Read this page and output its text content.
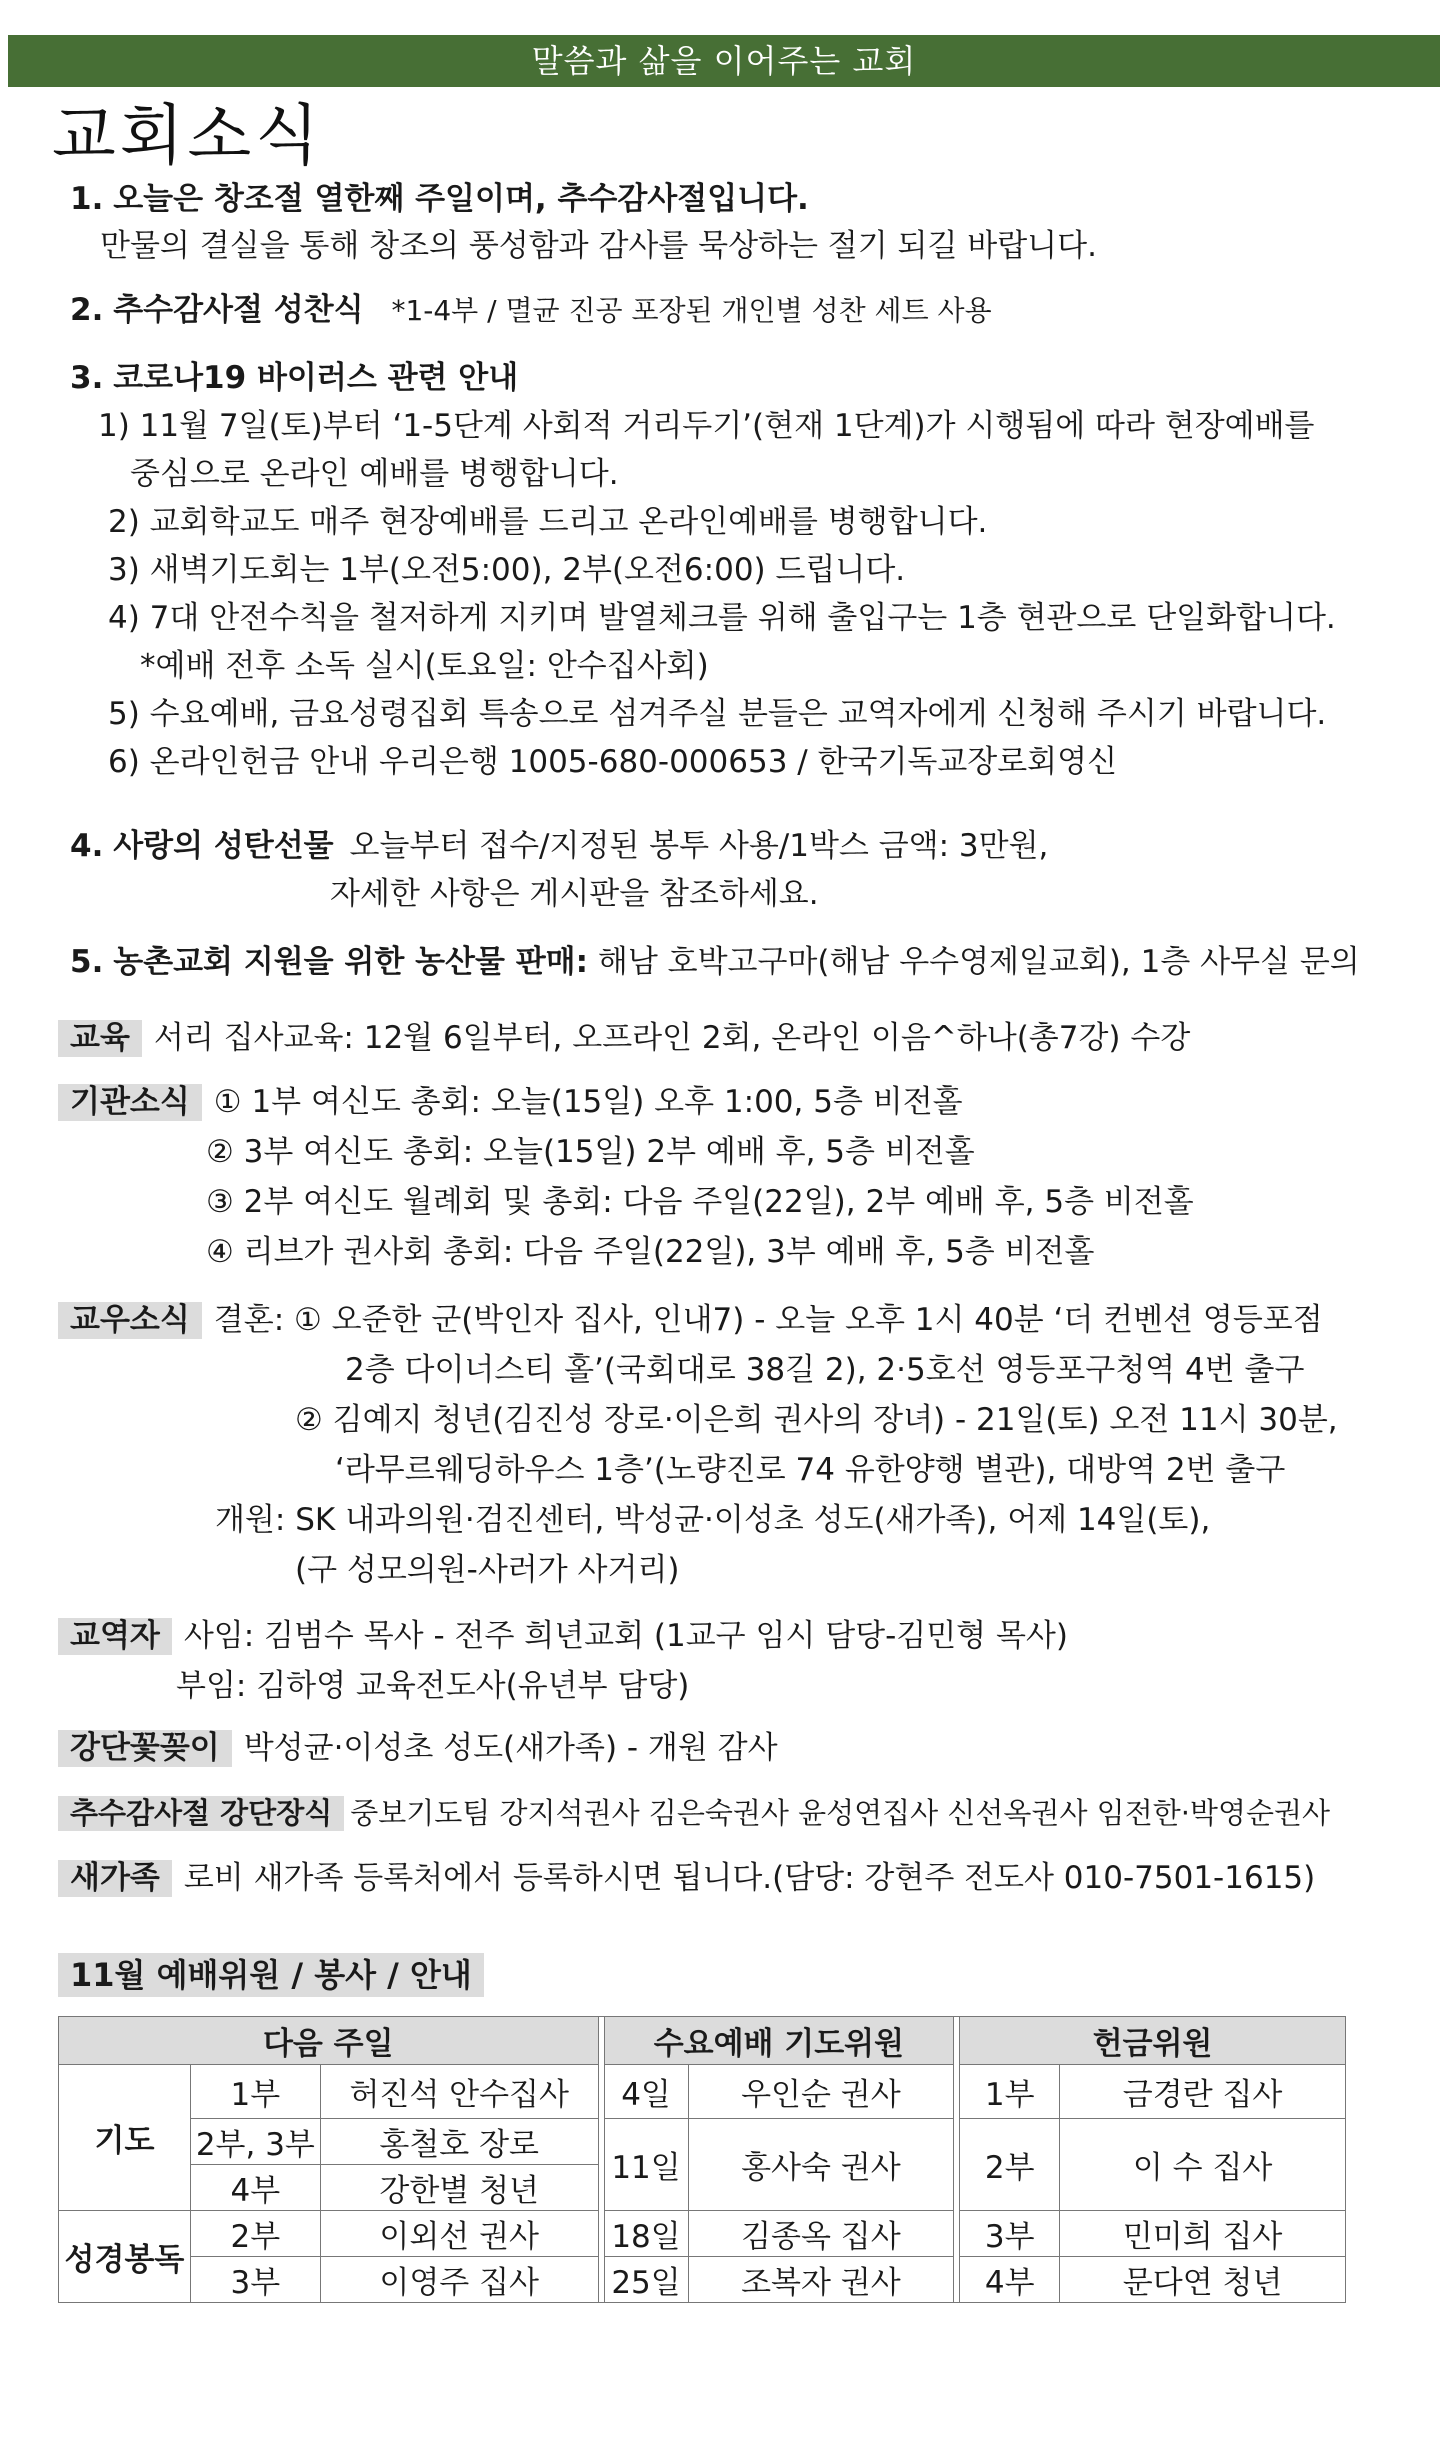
말씀과 삶을 이어주는 교회
교회소식
1. 오늘은 창조절 열한째 주일이며, 추수감사절입니다.
만물의 결실을 통해 창조의 풍성함과 감사를 묵상하는 절기 되길 바랍니다.
2. 추수감사절 성찬식 *1-4부 / 멸균 진공 포장된 개인별 성찬 세트 사용
3. 코로나19 바이러스 관련 안내
1) 11월 7일(토)부터 ‘1-5단계 사회적 거리두기’(현재 1단계)가 시행됨에 따라 현장예배를
중심으로 온라인 예배를 병행합니다.
2) 교회학교도 매주 현장예배를 드리고 온라인예배를 병행합니다.
3) 새벽기도회는 1부(오전5:00), 2부(오전6:00) 드립니다.
4) 7대 안전수칙을 철저하게 지키며 발열체크를 위해 출입구는 1층 현관으로 단일화합니다.
*예배 전후 소독 실시(토요일: 안수집사회)
5) 수요예배, 금요성령집회 특송으로 섬겨주실 분들은 교역자에게 신청해 주시기 바랍니다.
6) 온라인헌금 안내 우리은행 1005-680-000653 / 한국기독교장로회영신
4. 사랑의 성탄선물 오늘부터 접수/지정된 봉투 사용/1박스 금액: 3만원,
자세한 사항은 게시판을 참조하세요.
5. 농촌교회 지원을 위한 농산물 판매: 해남 호박고구마(해남 우수영제일교회), 1층 사무실 문의
교육 서리 집사교육: 12월 6일부터, 오프라인 2회, 온라인 이음^하나(총7강) 수강
기관소식 ① 1부 여신도 총회: 오늘(15일) 오후 1:00, 5층 비전홀
② 3부 여신도 총회: 오늘(15일) 2부 예배 후, 5층 비전홀
③ 2부 여신도 월례회 및 총회: 다음 주일(22일), 2부 예배 후, 5층 비전홀
④ 리브가 권사회 총회: 다음 주일(22일), 3부 예배 후, 5층 비전홀
교우소식 결혼: ① 오준한 군(박인자 집사, 인내7) - 오늘 오후 1시 40분 ‘더 컨벤션 영등포점
2층 다이너스티 홀’(국회대로 38길 2), 2·5호선 영등포구청역 4번 출구
② 김예지 청년(김진성 장로·이은희 권사의 장녀) - 21일(토) 오전 11시 30분,
‘라무르웨딩하우스 1층’(노량진로 74 유한양행 별관), 대방역 2번 출구
개원: SK 내과의원·검진센터, 박성균·이성초 성도(새가족), 어제 14일(토),
(구 성모의원-사러가 사거리)
교역자 사임: 김범수 목사 - 전주 희년교회 (1교구 임시 담당-김민형 목사)
부임: 김하영 교육전도사(유년부 담당)
강단꽃꽂이 박성균·이성초 성도(새가족) - 개원 감사
추수감사절 강단장식 중보기도팀 강지석권사 김은숙권사 윤성연집사 신선옥권사 임전한·박영순권사
새가족 로비 새가족 등록처에서 등록하시면 됩니다.(담당: 강현주 전도사 010-7501-1615)
11월 예배위원 / 봉사 / 안내
다음 주일				수요예배 기도위원			헌금위원	
기도	1부	허진석 안수집사		4일	우인순 권사		1부	금경란 집사
	2부, 3부	홍철호 장로		11일	홍사숙 권사		2부	이 수 집사
	4부	강한별 청년						
성경봉독	2부	이외선 권사		18일	김종옥 집사		3부	민미희 집사
	3부	이영주 집사		25일	조복자 권사		4부	문다연 청년
